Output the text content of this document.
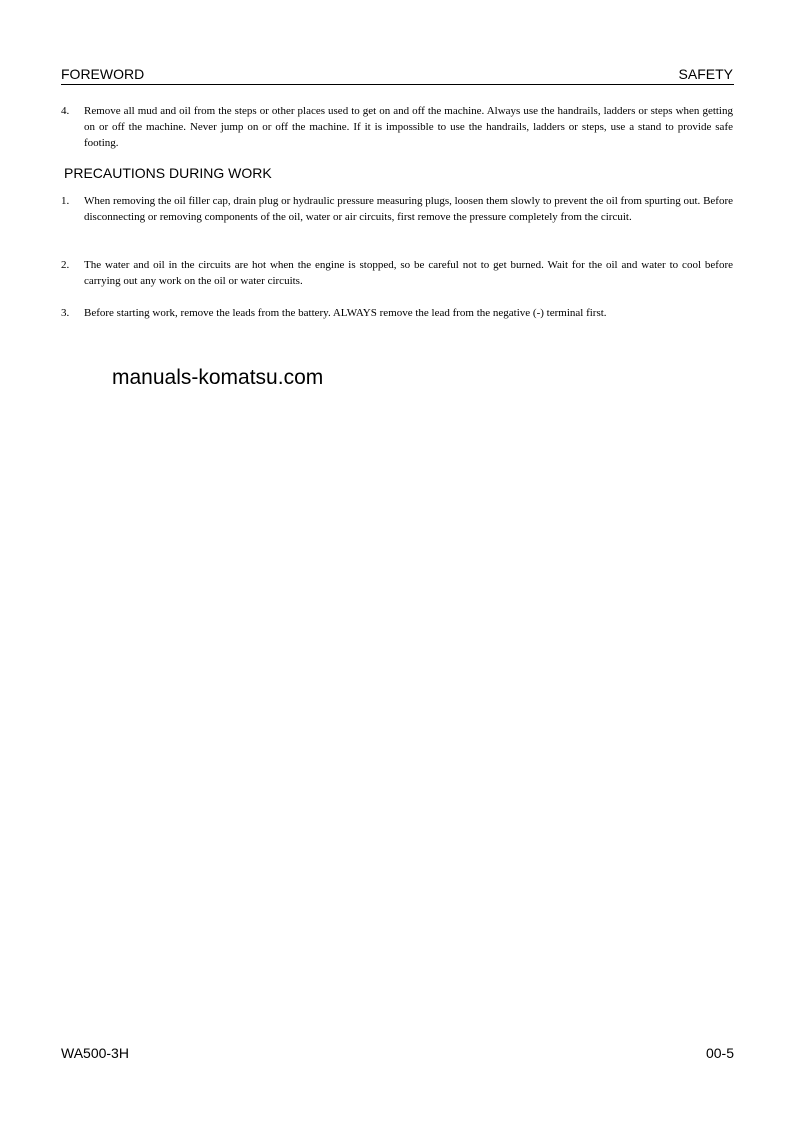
FOREWORD	SAFETY
4. Remove all mud and oil from the steps or other places used to get on and off the machine. Always use the handrails, ladders or steps when getting on or off the machine. Never jump on or off the machine. If it is impossible to use the handrails, ladders or steps, use a stand to provide safe footing.
PRECAUTIONS DURING WORK
1. When removing the oil filler cap, drain plug or hydraulic pressure measuring plugs, loosen them slowly to prevent the oil from spurting out. Before disconnecting or removing components of the oil, water or air circuits, first remove the pressure completely from the circuit.
2. The water and oil in the circuits are hot when the engine is stopped, so be careful not to get burned. Wait for the oil and water to cool before carrying out any work on the oil or water circuits.
3. Before starting work, remove the leads from the battery. ALWAYS remove the lead from the negative (-) terminal first.
manuals-komatsu.com
WA500-3H	00-5
